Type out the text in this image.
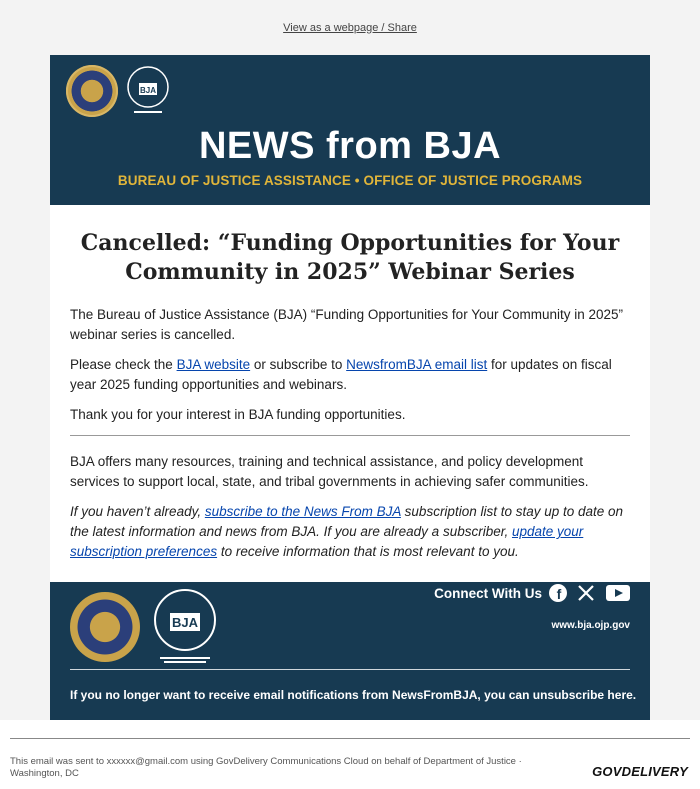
View as a webpage / Share
BJA
NEWS from BJA
BUREAU OF JUSTICE ASSISTANCE • OFFICE OF JUSTICE PROGRAMS
Cancelled: “Funding Opportunities for Your Community in 2025” Webinar Series

The Bureau of Justice Assistance (BJA) “Funding Opportunities for Your Community in 2025” webinar series is cancelled.

Please check the BJA website or subscribe to NewsfromBJA email list for updates on fiscal year 2025 funding opportunities and webinars.

Thank you for your interest in BJA funding opportunities.

BJA offers many resources, training and technical assistance, and policy development services to support local, state, and tribal governments in achieving safer communities.

If you haven’t already, subscribe to the News From BJA subscription list to stay up to date on the latest information and news from BJA. If you are already a subscriber, update your subscription preferences to receive information that is most relevant to you.

Connect With Us f
BJA	www.bja.ojp.gov
If you no longer want to receive email notifications from NewsFromBJA, you can unsubscribe here.
This email was sent to xxxxxx@gmail.com using GovDelivery Communications Cloud on behalf of Department of Justice · Washington, DC	GOVDELIVERY
